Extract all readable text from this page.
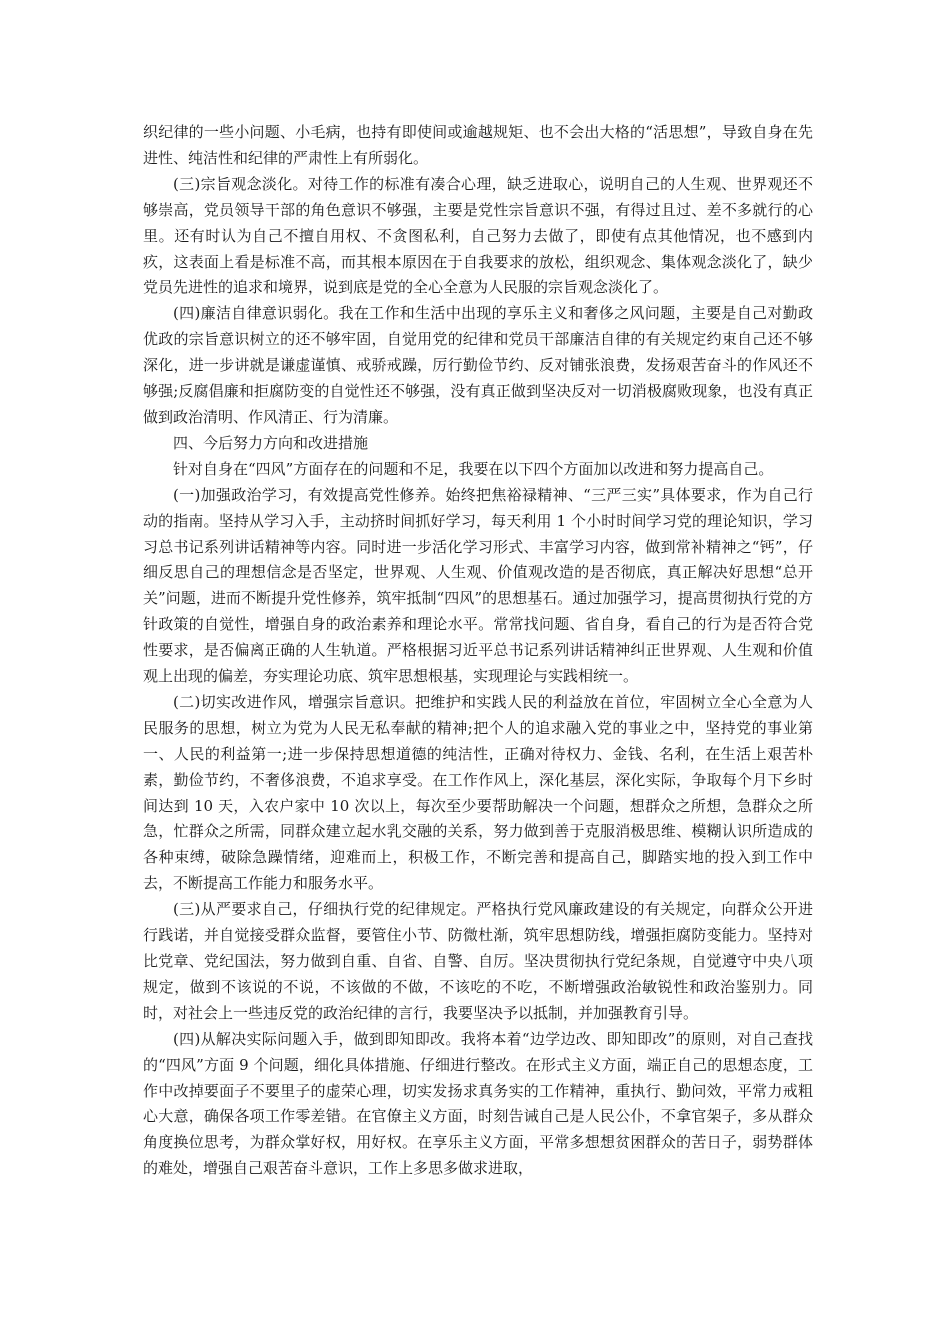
织纪律的一些小问题、小毛病，也持有即使间或逾越规矩、也不会出大格的“活思想”，导致自身在先进性、纯洁性和纪律的严肃性上有所弱化。

(三)宗旨观念淡化。对待工作的标准有凑合心理，缺乏进取心，说明自己的人生观、世界观还不够崇高，党员领导干部的角色意识不够强，主要是党性宗旨意识不强，有得过且过、差不多就行的心里。还有时认为自己不擅自用权、不贪图私利，自己努力去做了，即使有点其他情况，也不感到内疚，这表面上看是标准不高，而其根本原因在于自我要求的放松，组织观念、集体观念淡化了，缺少党员先进性的追求和境界，说到底是党的全心全意为人民服的宗旨观念淡化了。

(四)廉洁自律意识弱化。我在工作和生活中出现的享乐主义和奢侈之风问题，主要是自己对勤政优政的宗旨意识树立的还不够牢固，自觉用党的纪律和党员干部廉洁自律的有关规定约束自己还不够深化，进一步讲就是谦虚谨慎、戒骄戒躁，厉行勤俭节约、反对铺张浪费，发扬艰苦奋斗的作风还不够强;反腐倡廉和拒腐防变的自觉性还不够强，没有真正做到坚决反对一切消极腐败现象，也没有真正做到政治清明、作风清正、行为清廉。

四、今后努力方向和改进措施

针对自身在“四风”方面存在的问题和不足，我要在以下四个方面加以改进和努力提高自己。

(一)加强政治学习，有效提高党性修养。始终把焦裕禄精神、“三严三实”具体要求，作为自己行动的指南。坚持从学习入手，主动挤时间抓好学习，每天利用 1 个小时时间学习党的理论知识，学习习总书记系列讲话精神等内容。同时进一步活化学习形式、丰富学习内容，做到常补精神之“钙”，仔细反思自己的理想信念是否坚定，世界观、人生观、价值观改造的是否彻底，真正解决好思想“总开关”问题，进而不断提升党性修养，筑牢抵制“四风”的思想基石。通过加强学习，提高贯彻执行党的方针政策的自觉性，增强自身的政治素养和理论水平。常常找问题、省自身，看自己的行为是否符合党性要求，是否偏离正确的人生轨道。严格根据习近平总书记系列讲话精神纠正世界观、人生观和价值观上出现的偏差，夯实理论功底、筑牢思想根基，实现理论与实践相统一。

(二)切实改进作风，增强宗旨意识。把维护和实践人民的利益放在首位，牢固树立全心全意为人民服务的思想，树立为党为人民无私奉献的精神;把个人的追求融入党的事业之中，坚持党的事业第一、人民的利益第一;进一步保持思想道德的纯洁性，正确对待权力、金钱、名利，在生活上艰苦朴素，勤俭节约，不奢侈浪费，不追求享受。在工作作风上，深化基层，深化实际，争取每个月下乡时间达到 10 天，入农户家中 10 次以上，每次至少要帮助解决一个问题，想群众之所想，急群众之所急，忙群众之所需，同群众建立起水乳交融的关系，努力做到善于克服消极思维、模糊认识所造成的各种束缚，破除急躁情绪，迎难而上，积极工作，不断完善和提高自己，脚踏实地的投入到工作中去，不断提高工作能力和服务水平。

(三)从严要求自己，仔细执行党的纪律规定。严格执行党风廉政建设的有关规定，向群众公开进行践诺，并自觉接受群众监督，要管住小节、防微杜渐，筑牢思想防线，增强拒腐防变能力。坚持对比党章、党纪国法，努力做到自重、自省、自警、自厉。坚决贯彻执行党纪条规，自觉遵守中央八项规定，做到不该说的不说，不该做的不做，不该吃的不吃，不断增强政治敏锐性和政治鉴别力。同时，对社会上一些违反党的政治纪律的言行，我要坚决予以抵制，并加强教育引导。

(四)从解决实际问题入手，做到即知即改。我将本着“边学边改、即知即改”的原则，对自己查找的“四风”方面 9 个问题，细化具体措施、仔细进行整改。在形式主义方面，端正自己的思想态度，工作中改掉要面子不要里子的虚荣心理，切实发扬求真务实的工作精神，重执行、勤问效，平常力戒粗心大意，确保各项工作零差错。在官僚主义方面，时刻告诫自己是人民公仆，不拿官架子，多从群众角度换位思考，为群众掌好权，用好权。在享乐主义方面，平常多想想贫困群众的苦日子，弱势群体的难处，增强自己艰苦奋斗意识，工作上多思多做求进取，
